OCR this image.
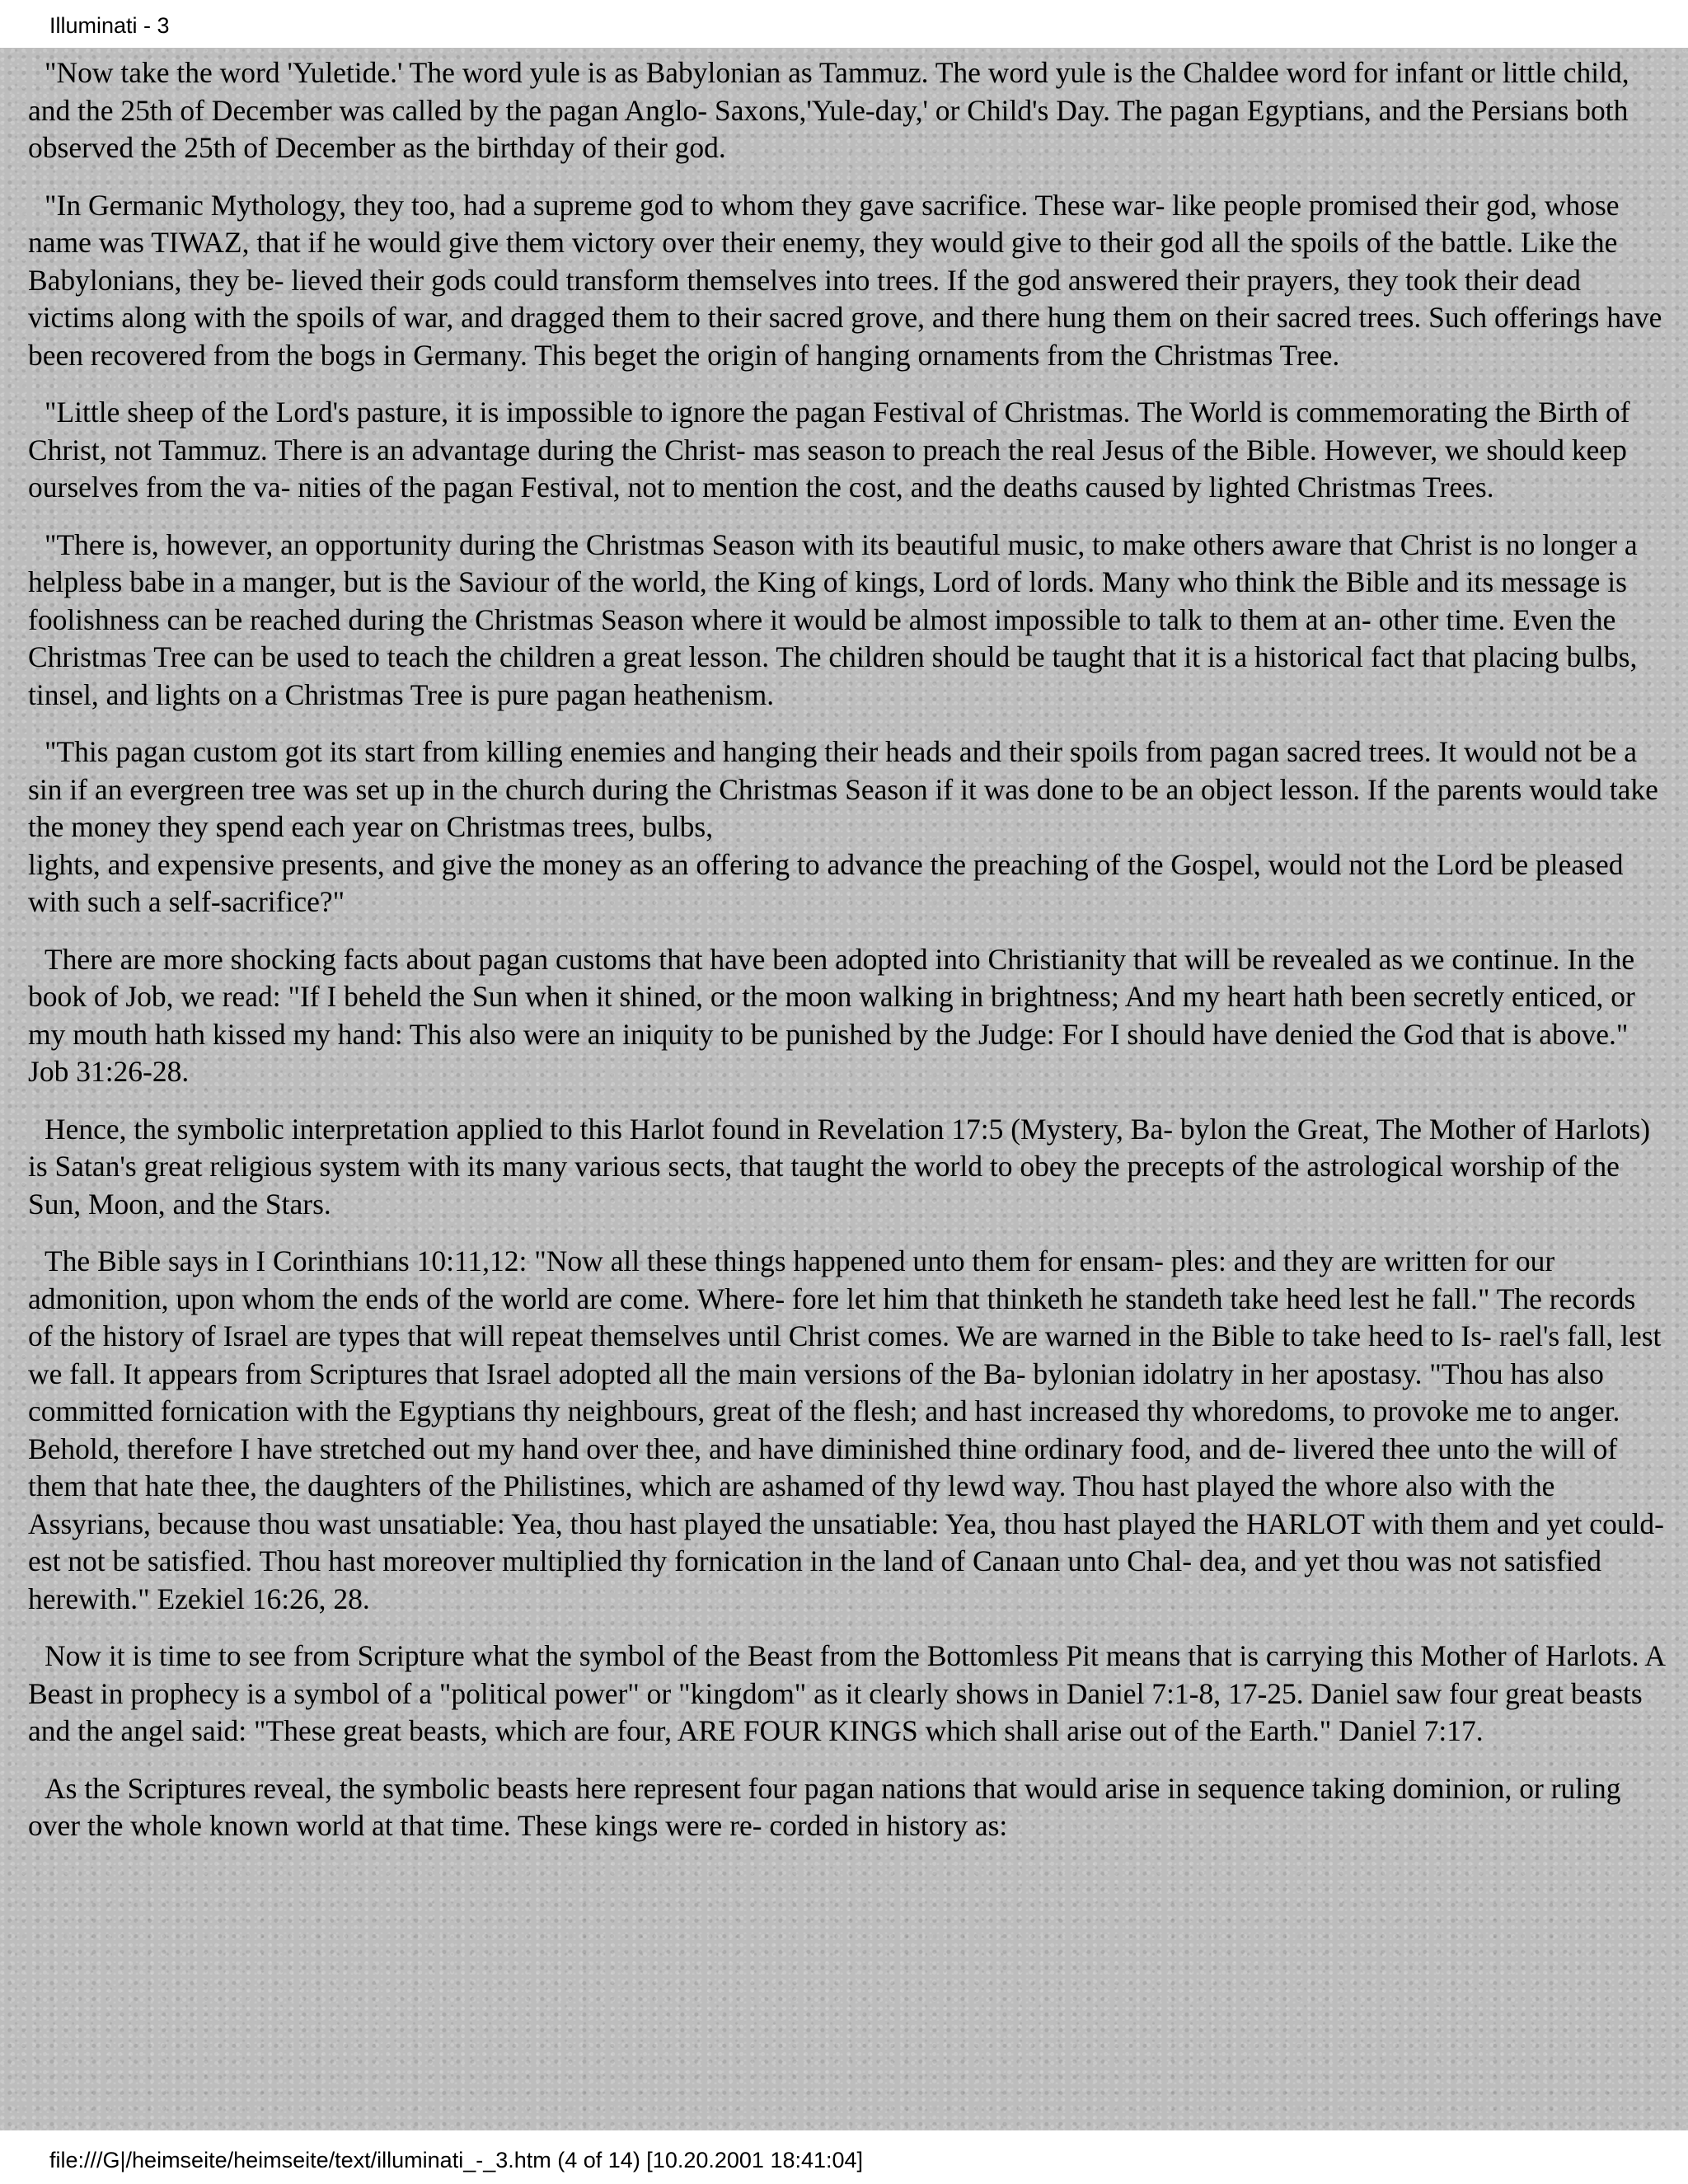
Illuminati - 3

"Now take the word 'Yuletide.' The word yule is as Babylonian as Tammuz. The word yule is the Chaldee word for infant or little child, and the 25th of December was called by the pagan Anglo- Saxons,'Yule-day,' or Child's Day. The pagan Egyptians, and the Persians both observed the 25th of December as the birthday of their god.

"In Germanic Mythology, they too, had a supreme god to whom they gave sacrifice. These war- like people promised their god, whose name was TIWAZ, that if he would give them victory over their enemy, they would give to their god all the spoils of the battle. Like the Babylonians, they be- lieved their gods could transform themselves into trees. If the god answered their prayers, they took their dead victims along with the spoils of war, and dragged them to their sacred grove, and there hung them on their sacred trees. Such offerings have been recovered from the bogs in Germany. This beget the origin of hanging ornaments from the Christmas Tree.

"Little sheep of the Lord's pasture, it is impossible to ignore the pagan Festival of Christmas. The World is commemorating the Birth of Christ, not Tammuz. There is an advantage during the Christ- mas season to preach the real Jesus of the Bible. However, we should keep ourselves from the va- nities of the pagan Festival, not to mention the cost, and the deaths caused by lighted Christmas Trees.

"There is, however, an opportunity during the Christmas Season with its beautiful music, to make others aware that Christ is no longer a helpless babe in a manger, but is the Saviour of the world, the King of kings, Lord of lords. Many who think the Bible and its message is foolishness can be reached during the Christmas Season where it would be almost impossible to talk to them at an- other time. Even the Christmas Tree can be used to teach the children a great lesson. The children should be taught that it is a historical fact that placing bulbs, tinsel, and lights on a Christmas Tree is pure pagan heathenism.

"This pagan custom got its start from killing enemies and hanging their heads and their spoils from pagan sacred trees. It would not be a sin if an evergreen tree was set up in the church during the Christmas Season if it was done to be an object lesson. If the parents would take the money they spend each year on Christmas trees, bulbs,
lights, and expensive presents, and give the money as an offering to advance the preaching of the Gospel, would not the Lord be pleased with such a self-sacrifice?"

There are more shocking facts about pagan customs that have been adopted into Christianity that will be revealed as we continue. In the book of Job, we read: "If I beheld the Sun when it shined, or the moon walking in brightness; And my heart hath been secretly enticed, or my mouth hath kissed my hand: This also were an iniquity to be punished by the Judge: For I should have denied the God that is above." Job 31:26-28.

Hence, the symbolic interpretation applied to this Harlot found in Revelation 17:5 (Mystery, Ba- bylon the Great, The Mother of Harlots) is Satan's great religious system with its many various sects, that taught the world to obey the precepts of the astrological worship of the Sun, Moon, and the Stars.

The Bible says in I Corinthians 10:11,12: "Now all these things happened unto them for ensam- ples: and they are written for our admonition, upon whom the ends of the world are come. Where- fore let him that thinketh he standeth take heed lest he fall." The records of the history of Israel are types that will repeat themselves until Christ comes. We are warned in the Bible to take heed to Is- rael's fall, lest we fall. It appears from Scriptures that Israel adopted all the main versions of the Ba- bylonian idolatry in her apostasy. "Thou has also committed fornication with the Egyptians thy neighbours, great of the flesh; and hast increased thy whoredoms, to provoke me to anger. Behold, therefore I have stretched out my hand over thee, and have diminished thine ordinary food, and de- livered thee unto the will of them that hate thee, the daughters of the Philistines, which are ashamed of thy lewd way. Thou hast played the whore also with the Assyrians, because thou wast unsatiable: Yea, thou hast played the unsatiable: Yea, thou hast played the HARLOT with them and yet could- est not be satisfied. Thou hast moreover multiplied thy fornication in the land of Canaan unto Chal- dea, and yet thou was not satisfied herewith." Ezekiel 16:26, 28.

Now it is time to see from Scripture what the symbol of the Beast from the Bottomless Pit means that is carrying this Mother of Harlots. A Beast in prophecy is a symbol of a "political power" or "kingdom" as it clearly shows in Daniel 7:1-8, 17-25. Daniel saw four great beasts and the angel said: "These great beasts, which are four, ARE FOUR KINGS which shall arise out of the Earth." Daniel 7:17.

As the Scriptures reveal, the symbolic beasts here represent four pagan nations that would arise in sequence taking dominion, or ruling over the whole known world at that time. These kings were re- corded in history as:

file:///G|/heimseite/heimseite/text/illuminati_-_3.htm (4 of 14) [10.20.2001 18:41:04]
